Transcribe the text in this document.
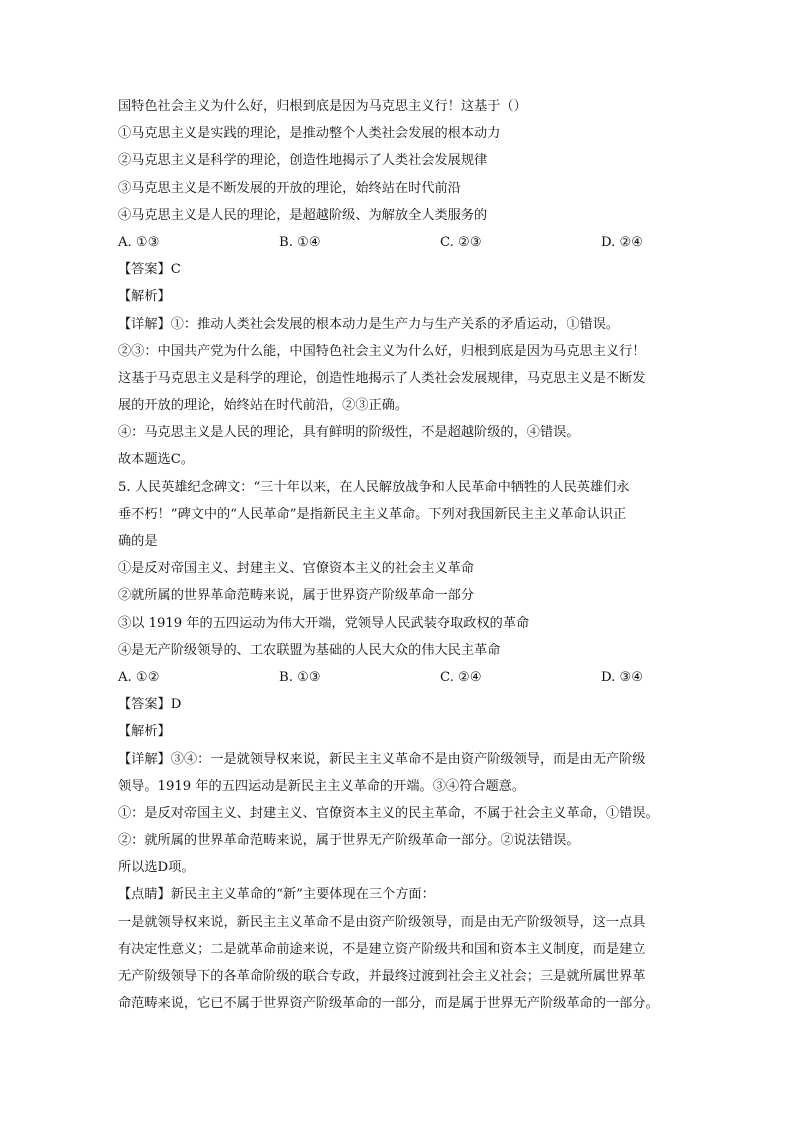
国特色社会主义为什么好，归根到底是因为马克思主义行！这基于（）
①马克思主义是实践的理论，是推动整个人类社会发展的根本动力
②马克思主义是科学的理论，创造性地揭示了人类社会发展规律
③马克思主义是不断发展的开放的理论，始终站在时代前沿
④马克思主义是人民的理论，是超越阶级、为解放全人类服务的
A. ①③	B. ①④	C. ②③	D. ②④
【答案】C
【解析】
【详解】①：推动人类社会发展的根本动力是生产力与生产关系的矛盾运动，①错误。
②③：中国共产党为什么能，中国特色社会主义为什么好，归根到底是因为马克思主义行！
这基于马克思主义是科学的理论，创造性地揭示了人类社会发展规律，马克思主义是不断发
展的开放的理论，始终站在时代前沿，②③正确。
④：马克思主义是人民的理论，具有鲜明的阶级性，不是超越阶级的，④错误。
故本题选C。
5. 人民英雄纪念碑文：“三十年以来，在人民解放战争和人民革命中牺牲的人民英雄们永
垂不朽！”碑文中的“人民革命”是指新民主主义革命。下列对我国新民主主义革命认识正
确的是
①是反对帝国主义、封建主义、官僚资本主义的社会主义革命
②就所属的世界革命范畴来说，属于世界资产阶级革命一部分
③以 1919 年的五四运动为伟大开端，党领导人民武装夺取政权的革命
④是无产阶级领导的、工农联盟为基础的人民大众的伟大民主革命
A. ①②	B. ①③	C. ②④	D. ③④
【答案】D
【解析】
【详解】③④：一是就领导权来说，新民主主义革命不是由资产阶级领导，而是由无产阶级
领导。1919 年的五四运动是新民主主义革命的开端。③④符合题意。
①：是反对帝国主义、封建主义、官僚资本主义的民主革命，不属于社会主义革命，①错误。
②：就所属的世界革命范畴来说，属于世界无产阶级革命一部分。②说法错误。
所以选D项。
【点睛】新民主主义革命的“新”主要体现在三个方面：
一是就领导权来说，新民主主义革命不是由资产阶级领导，而是由无产阶级领导，这一点具
有决定性意义；二是就革命前途来说，不是建立资产阶级共和国和资本主义制度，而是建立
无产阶级领导下的各革命阶级的联合专政，并最终过渡到社会主义社会；三是就所属世界革
命范畴来说，它已不属于世界资产阶级革命的一部分，而是属于世界无产阶级革命的一部分。
